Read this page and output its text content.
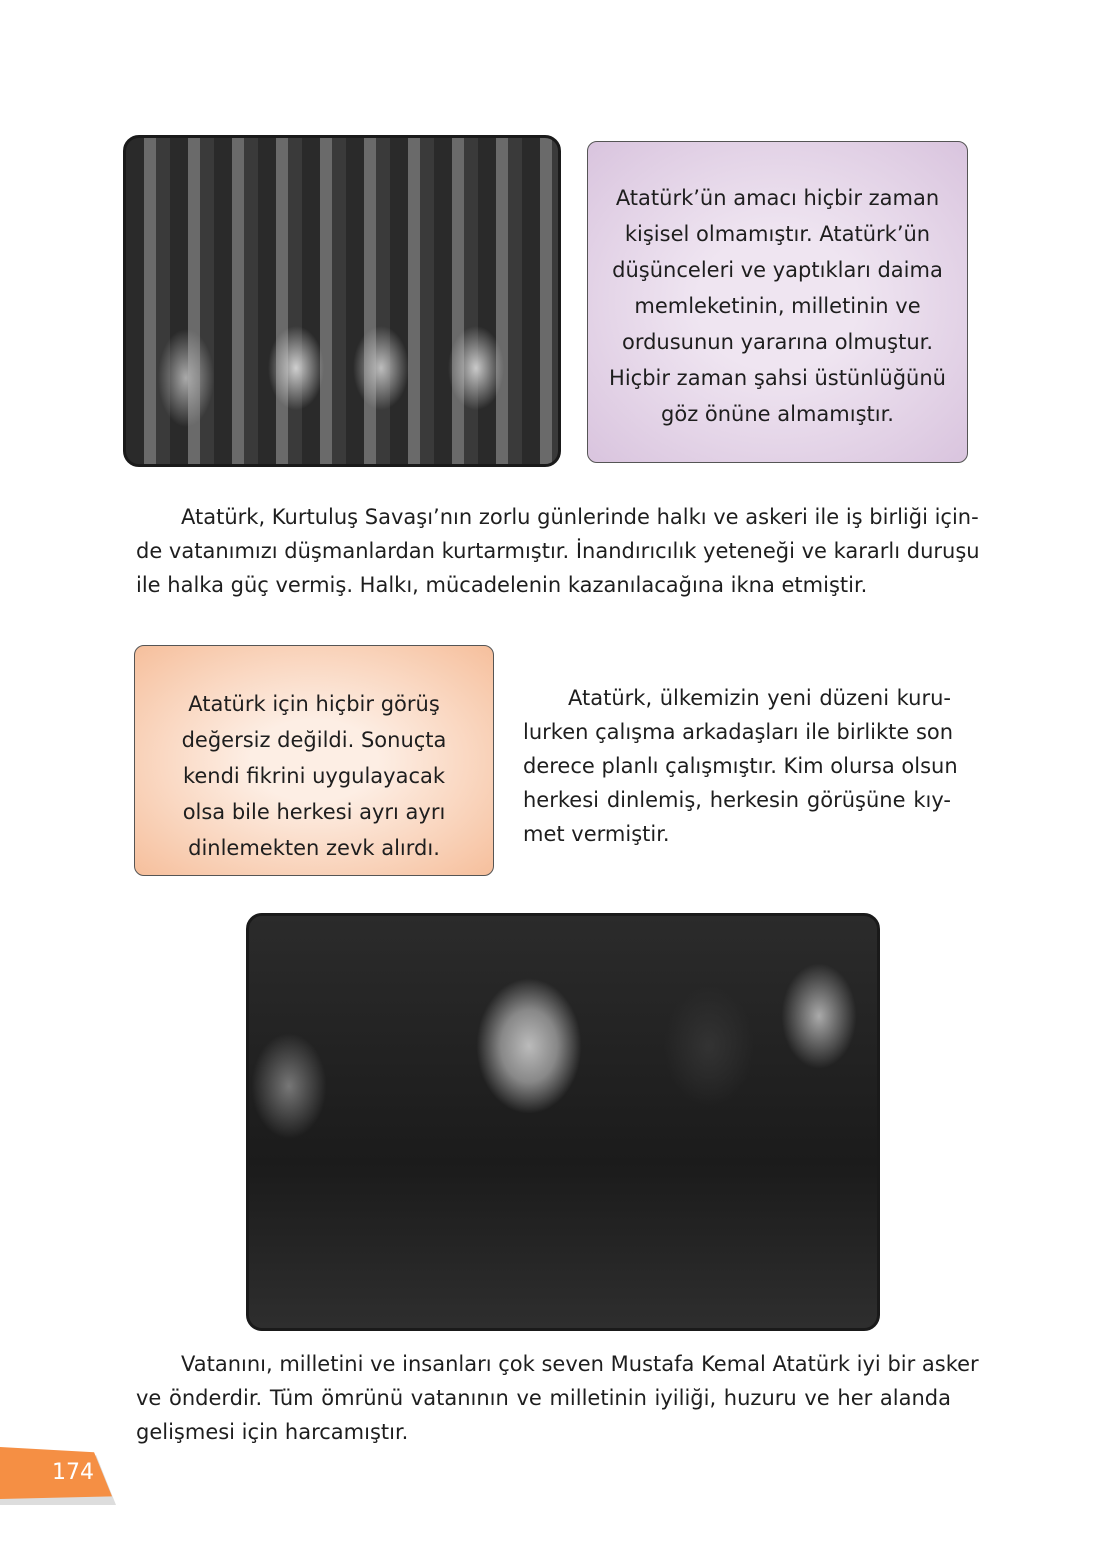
Atatürk’ün amacı hiçbir zaman
kişisel olmamıştır. Atatürk’ün
düşünceleri ve yaptıkları daima
memleketinin, milletinin ve
ordusunun yararına olmuştur.
Hiçbir zaman şahsi üstünlüğünü
göz önüne almamıştır.
Atatürk, Kurtuluş Savaşı’nın zorlu günlerinde halkı ve askeri ile iş birliği için-
de vatanımızı düşmanlardan kurtarmıştır. İnandırıcılık yeteneği ve kararlı duruşu
ile halka güç vermiş. Halkı, mücadelenin kazanılacağına ikna etmiştir.
Atatürk için hiçbir görüş
değersiz değildi. Sonuçta
kendi fikrini uygulayacak
olsa bile herkesi ayrı ayrı
dinlemekten zevk alırdı.
Atatürk, ülkemizin yeni düzeni kuru-
lurken çalışma arkadaşları ile birlikte son
derece planlı çalışmıştır. Kim olursa olsun
herkesi dinlemiş, herkesin görüşüne kıy-
met vermiştir.
Vatanını, milletini ve insanları çok seven Mustafa Kemal Atatürk iyi bir asker
ve önderdir. Tüm ömrünü vatanının ve milletinin iyiliği, huzuru ve her alanda
gelişmesi için harcamıştır.
174
